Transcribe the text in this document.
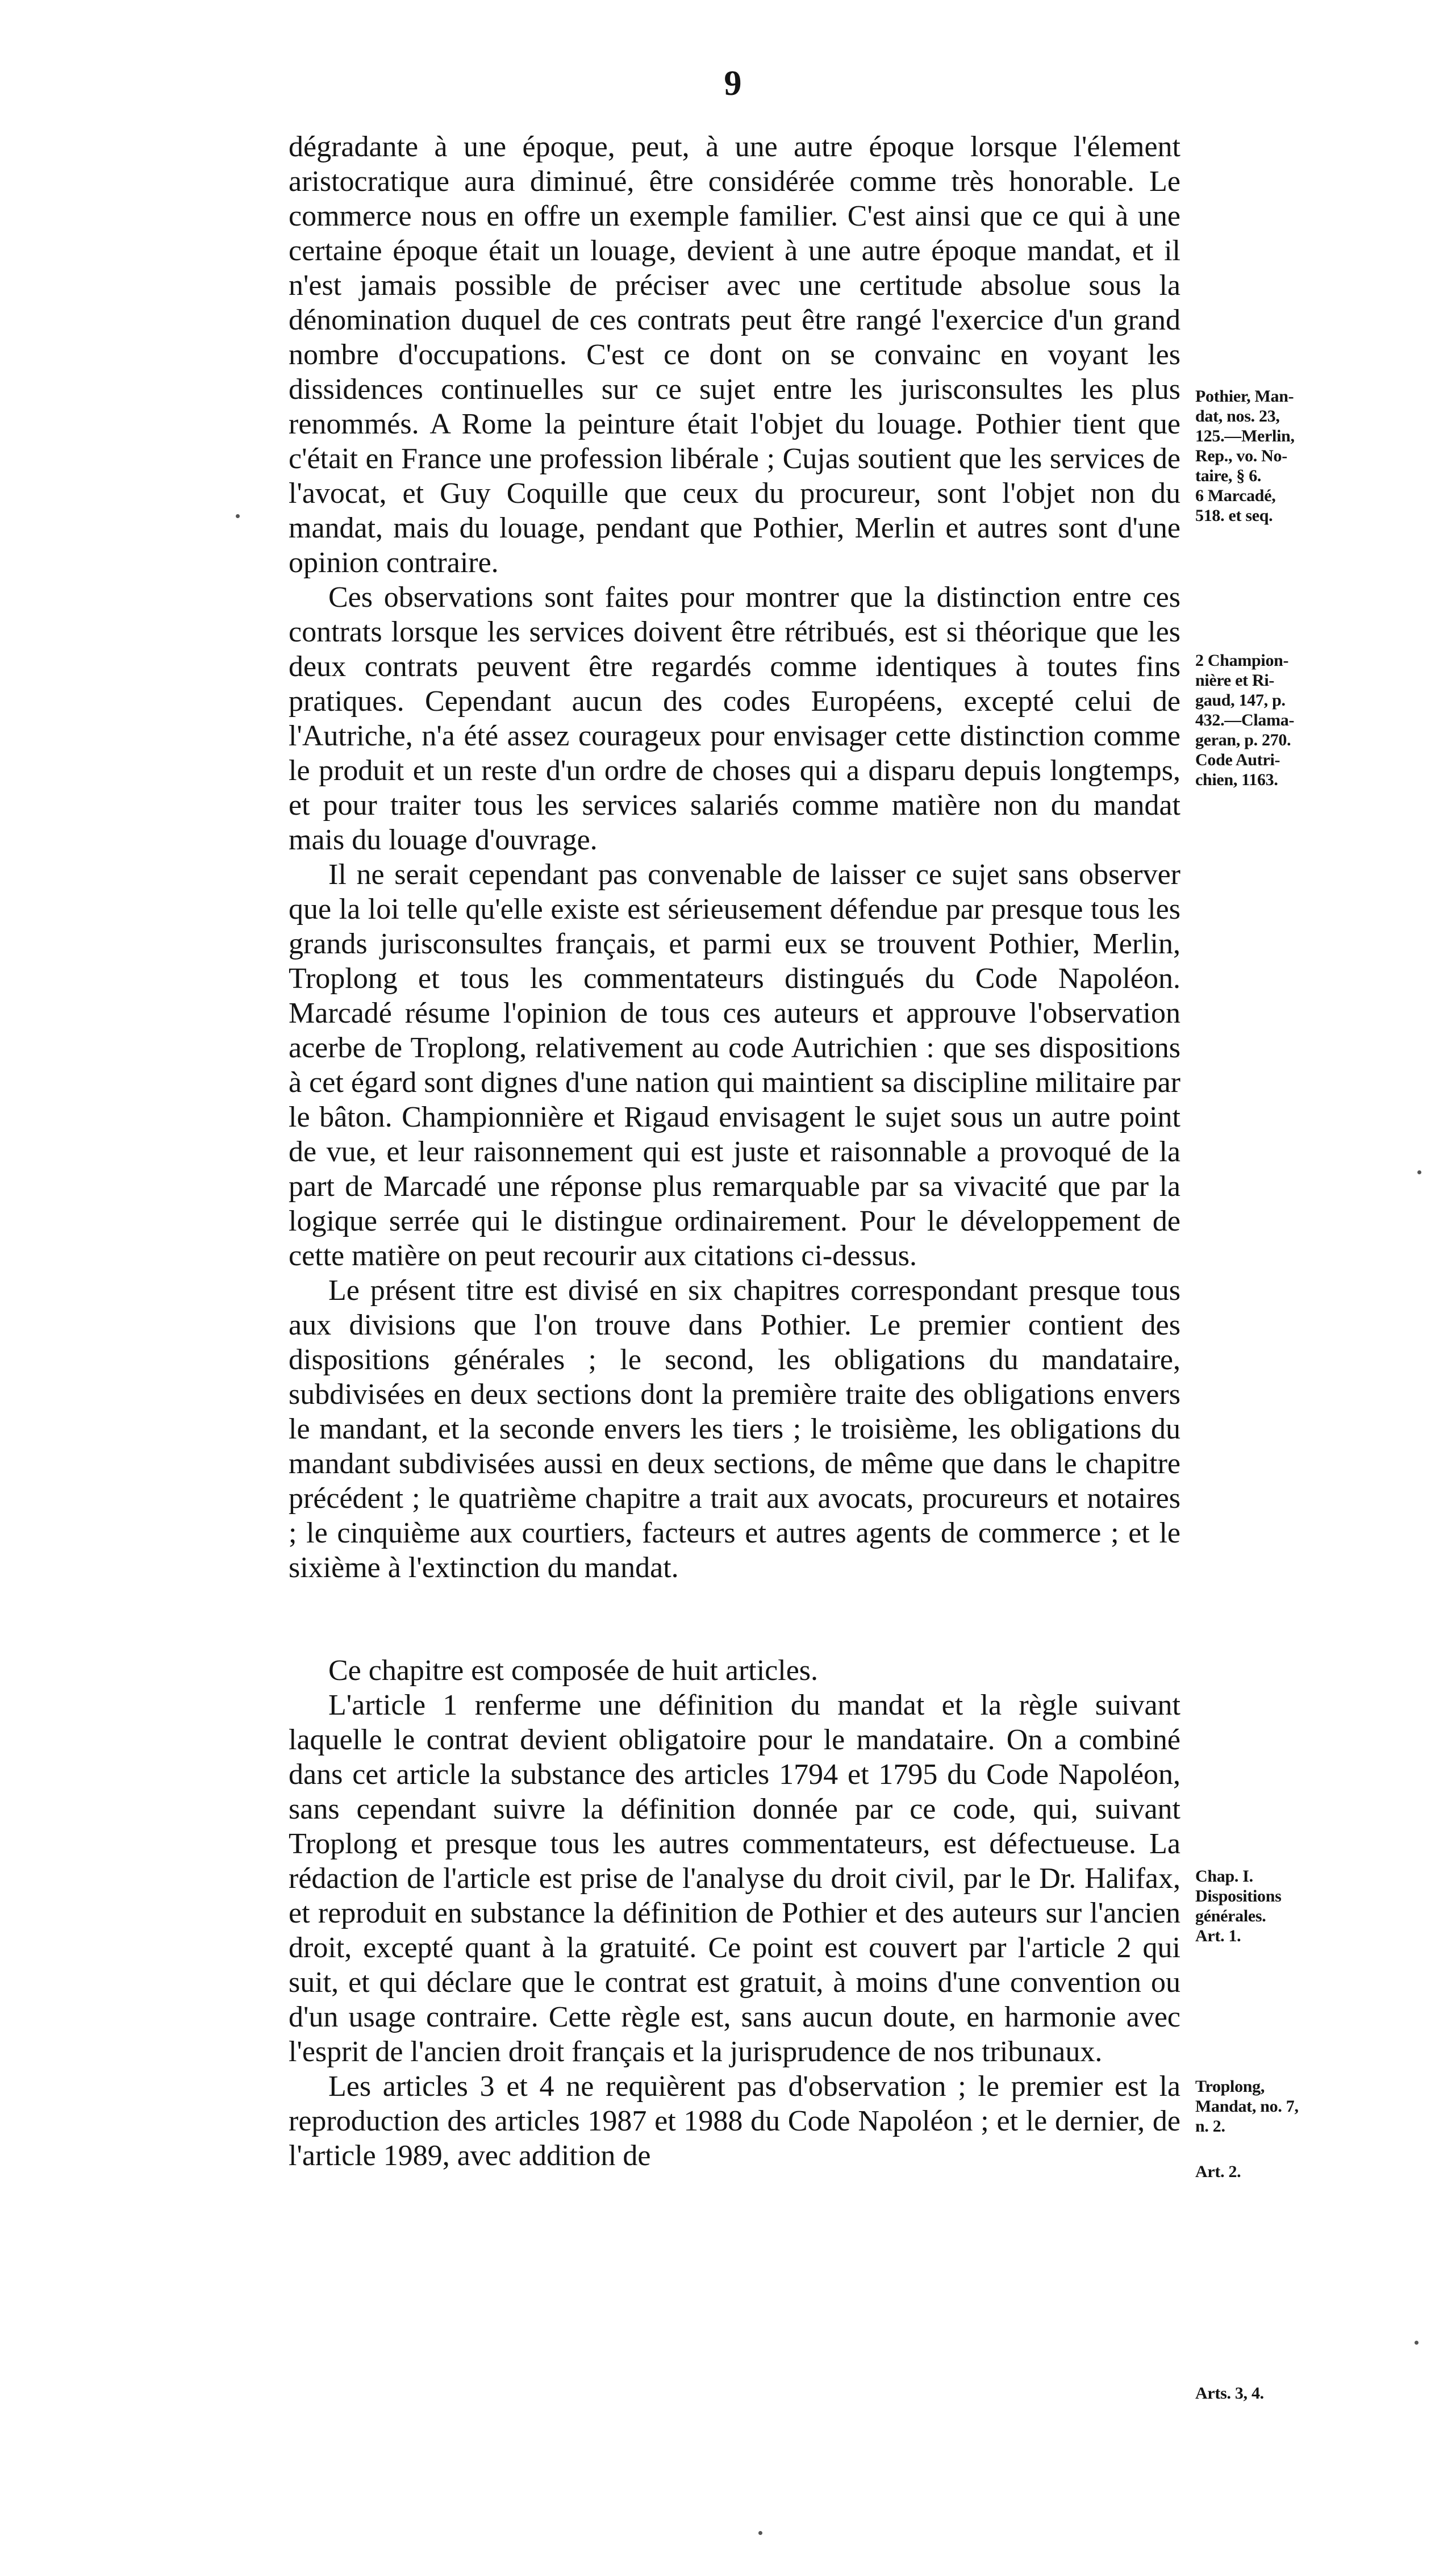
9

dégradante à une époque, peut, à une autre époque lorsque l'élement aristocratique aura diminué, être considérée comme très honorable. Le commerce nous en offre un exemple familier. C'est ainsi que ce qui à une certaine époque était un louage, devient à une autre époque mandat, et il n'est jamais possible de préciser avec une certitude absolue sous la dénomination duquel de ces contrats peut être rangé l'exercice d'un grand nombre d'occupations. C'est ce dont on se convainc en voyant les dissidences continuelles sur ce sujet entre les jurisconsultes les plus renommés. A Rome la peinture était l'objet du louage. Pothier tient que c'était en France une profession libérale ; Cujas soutient que les services de l'avocat, et Guy Coquille que ceux du procureur, sont l'objet non du mandat, mais du louage, pendant que Pothier, Merlin et autres sont d'une opinion contraire.

Ces observations sont faites pour montrer que la distinction entre ces contrats lorsque les services doivent être rétribués, est si théorique que les deux contrats peuvent être regardés comme identiques à toutes fins pratiques. Cependant aucun des codes Européens, excepté celui de l'Autriche, n'a été assez courageux pour envisager cette distinction comme le produit et un reste d'un ordre de choses qui a disparu depuis longtemps, et pour traiter tous les services salariés comme matière non du mandat mais du louage d'ouvrage.

Il ne serait cependant pas convenable de laisser ce sujet sans observer que la loi telle qu'elle existe est sérieusement défendue par presque tous les grands jurisconsultes français, et parmi eux se trouvent Pothier, Merlin, Troplong et tous les commentateurs distingués du Code Napoléon. Marcadé résume l'opinion de tous ces auteurs et approuve l'observation acerbe de Troplong, relativement au code Autrichien : que ses dispositions à cet égard sont dignes d'une nation qui maintient sa discipline militaire par le bâton. Championnière et Rigaud envisagent le sujet sous un autre point de vue, et leur raisonnement qui est juste et raisonnable a provoqué de la part de Marcadé une réponse plus remarquable par sa vivacité que par la logique serrée qui le distingue ordinairement. Pour le développement de cette matière on peut recourir aux citations ci-dessus.

Le présent titre est divisé en six chapitres correspondant presque tous aux divisions que l'on trouve dans Pothier. Le premier contient des dispositions générales ; le second, les obligations du mandataire, subdivisées en deux sections dont la première traite des obligations envers le mandant, et la seconde envers les tiers ; le troisième, les obligations du mandant subdivisées aussi en deux sections, de même que dans le chapitre précédent ; le quatrième chapitre a trait aux avocats, procureurs et notaires ; le cinquième aux courtiers, facteurs et autres agents de commerce ; et le sixième à l'extinction du mandat.

Ce chapitre est composée de huit articles.

L'article 1 renferme une définition du mandat et la règle suivant laquelle le contrat devient obligatoire pour le mandataire. On a combiné dans cet article la substance des articles 1794 et 1795 du Code Napoléon, sans cependant suivre la définition donnée par ce code, qui, suivant Troplong et presque tous les autres commentateurs, est défectueuse. La rédaction de l'article est prise de l'analyse du droit civil, par le Dr. Halifax, et reproduit en substance la définition de Pothier et des auteurs sur l'ancien droit, excepté quant à la gratuité. Ce point est couvert par l'article 2 qui suit, et qui déclare que le contrat est gratuit, à moins d'une convention ou d'un usage contraire. Cette règle est, sans aucun doute, en harmonie avec l'esprit de l'ancien droit français et la jurisprudence de nos tribunaux.

Les articles 3 et 4 ne requièrent pas d'observation ; le premier est la reproduction des articles 1987 et 1988 du Code Napoléon ; et le dernier, de l'article 1989, avec addition de

Pothier, Man-
dat, nos. 23,
125.—Merlin,
Rep., vo. No-
taire, § 6.
6 Marcadé,
518. et seq.
2 Champion-
nière et Ri-
gaud, 147, p.
432.—Clama-
geran, p. 270.
Code Autri-
chien, 1163.
Chap. I.
Dispositions
générales.
Art. 1.
Troplong,
Mandat, no. 7,
n. 2.
Art. 2.
Arts. 3, 4.
